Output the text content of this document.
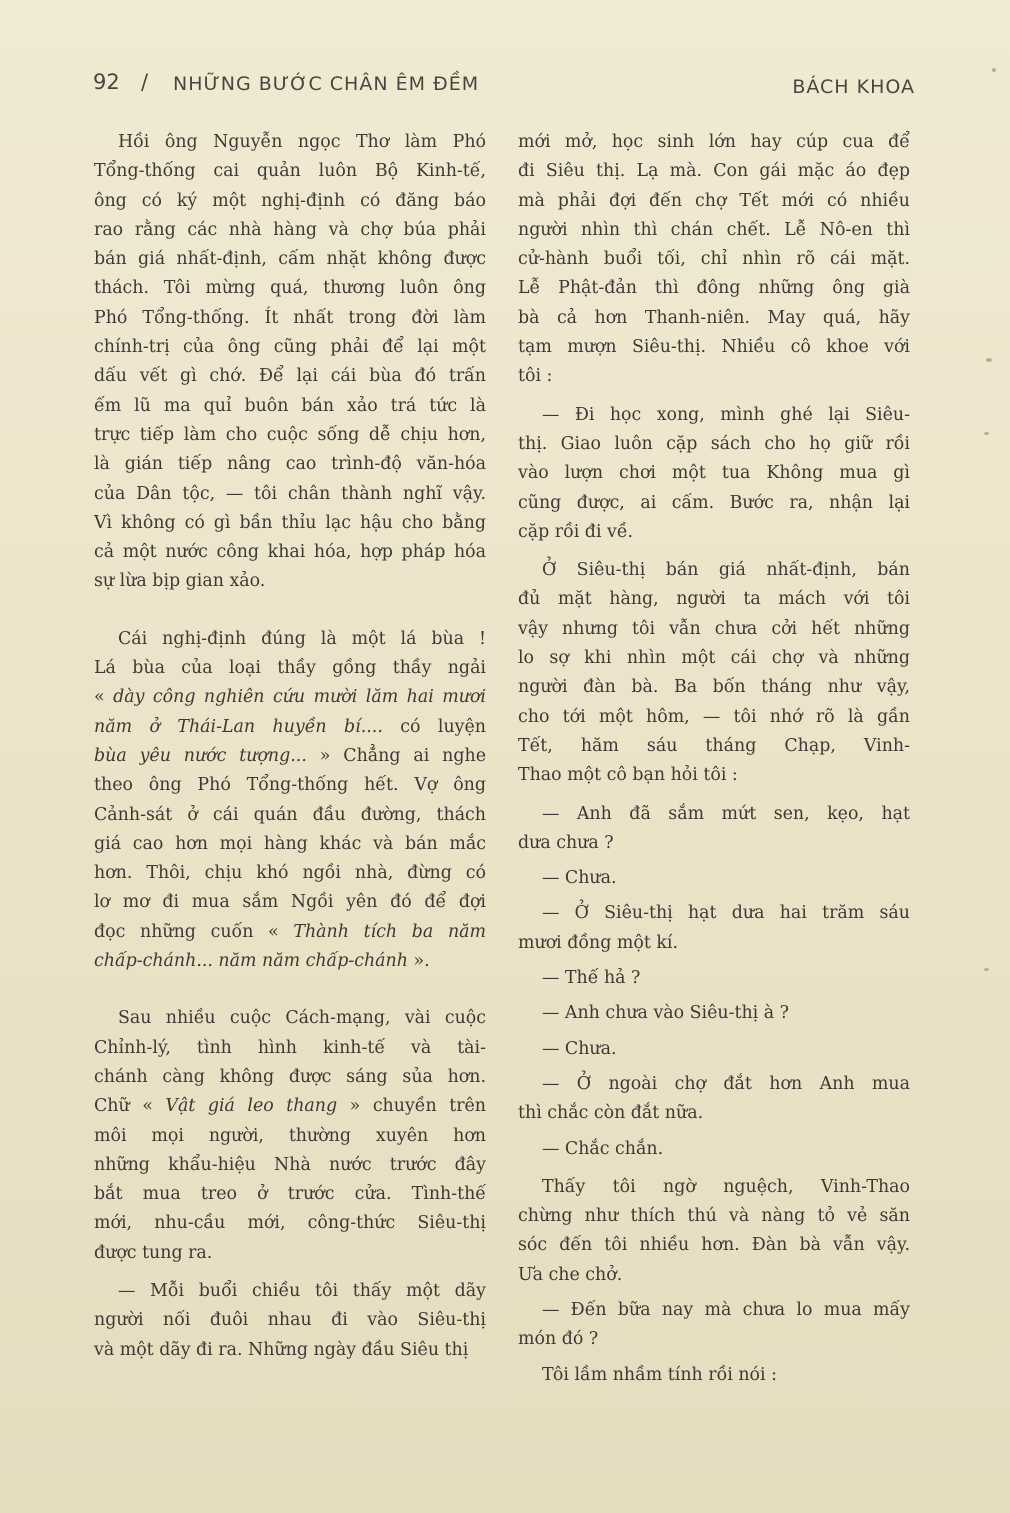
92 / NHỮNG BƯỚC CHÂN ÊM ĐỀM	BÁCH KHOA

Hồi ông Nguyễn ngọc Thơ làm Phó
Tổng-thống cai quản luôn Bộ Kinh-tế,
ông có ký một nghị-định có đăng báo
rao rằng các nhà hàng và chợ búa phải
bán giá nhất-định, cấm nhặt không được
thách. Tôi mừng quá, thương luôn ông
Phó Tổng-thống. Ít nhất trong đời làm
chính-trị của ông cũng phải để lại một
dấu vết gì chớ. Để lại cái bùa đó trấn
ếm lũ ma quỉ buôn bán xảo trá tức là
trực tiếp làm cho cuộc sống dễ chịu hơn,
là gián tiếp nâng cao trình-độ văn-hóa
của Dân tộc, — tôi chân thành nghĩ vậy.
Vì không có gì bần thỉu lạc hậu cho bằng
cả một nước công khai hóa, hợp pháp hóa
sự lừa bịp gian xảo.

Cái nghị-định đúng là một lá bùa !
Lá bùa của loại thầy gồng thầy ngải
« dày công nghiên cứu mười lăm hai mươi
năm ở Thái-Lan huyền bí.... có luyện
bùa yêu nước tượng... » Chẳng ai nghe
theo ông Phó Tổng-thống hết. Vợ ông
Cảnh-sát ở cái quán đầu đường, thách
giá cao hơn mọi hàng khác và bán mắc
hơn. Thôi, chịu khó ngồi nhà, đừng có
lơ mơ đi mua sắm Ngồi yên đó để đợi
đọc những cuốn « Thành tích ba năm
chấp-chánh... năm năm chấp-chánh ».

Sau nhiều cuộc Cách-mạng, vài cuộc
Chỉnh-lý, tình hình kinh-tế và tài-
chánh càng không được sáng sủa hơn.
Chữ « Vật giá leo thang » chuyền trên
môi mọi người, thường xuyên hơn
những khẩu-hiệu Nhà nước trước đây
bắt mua treo ở trước cửa. Tình-thế
mới, nhu-cầu mới, công-thức Siêu-thị
được tung ra.

— Mỗi buổi chiều tôi thấy một dãy
người nối đuôi nhau đi vào Siêu-thị
và một dãy đi ra. Những ngày đầu Siêu thị

mới mở, học sinh lớn hay cúp cua để
đi Siêu thị. Lạ mà. Con gái mặc áo đẹp
mà phải đợi đến chợ Tết mới có nhiều
người nhìn thì chán chết. Lễ Nô-en thì
cử-hành buổi tối, chỉ nhìn rõ cái mặt.
Lễ Phật-đản thì đông những ông già
bà cả hơn Thanh-niên. May quá, hãy
tạm mượn Siêu-thị. Nhiều cô khoe với
tôi :

— Đi học xong, mình ghé lại Siêu-
thị. Giao luôn cặp sách cho họ giữ rồi
vào lượn chơi một tua Không mua gì
cũng được, ai cấm. Bước ra, nhận lại
cặp rồi đi về.

Ở Siêu-thị bán giá nhất-định, bán
đủ mặt hàng, người ta mách với tôi
vậy nhưng tôi vẫn chưa cởi hết những
lo sợ khi nhìn một cái chợ và những
người đàn bà. Ba bốn tháng như vậy,
cho tới một hôm, — tôi nhớ rõ là gần
Tết, hăm sáu tháng Chạp, Vinh-
Thao một cô bạn hỏi tôi :

— Anh đã sắm mứt sen, kẹo, hạt
dưa chưa ?

— Chưa.

— Ở Siêu-thị hạt dưa hai trăm sáu
mươi đồng một kí.

— Thế hả ?

— Anh chưa vào Siêu-thị à ?

— Chưa.

— Ở ngoài chợ đắt hơn Anh mua
thì chắc còn đắt nữa.

— Chắc chắn.

Thấy tôi ngờ nguệch, Vinh-Thao
chừng như thích thú và nàng tỏ vẻ săn
sóc đến tôi nhiều hơn. Đàn bà vẫn vậy.
Ưa che chở.

— Đến bữa nay mà chưa lo mua mấy
món đó ?

Tôi lầm nhầm tính rồi nói :
